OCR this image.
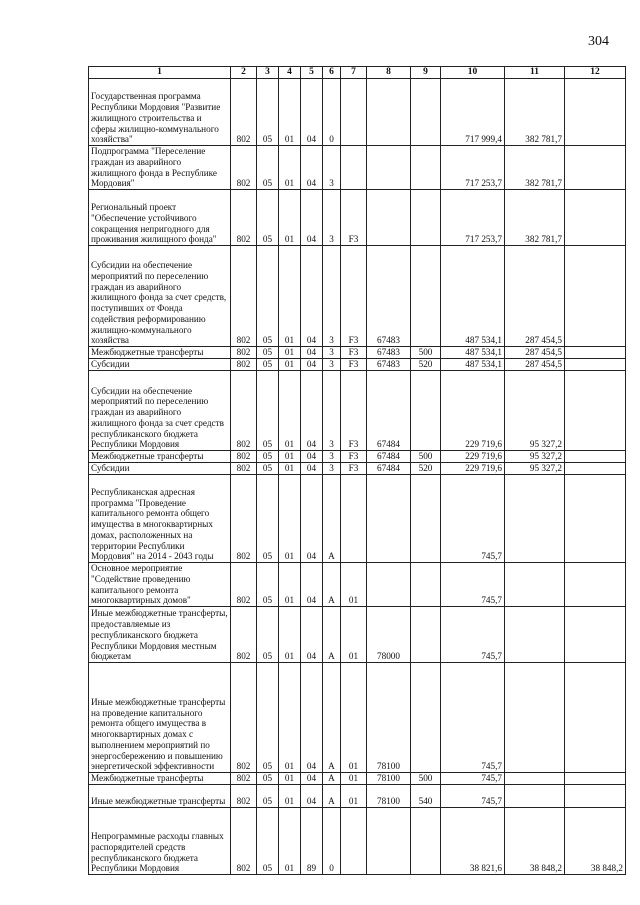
304
1	2	3	4	5	6	7	8	9	10	11	12
Государственная программа Республики Мордовия "Развитие жилищного строительства и сферы жилищно-коммунального хозяйства"	802	05	01	04	0				717 999,4	382 781,7	
Подпрограмма "Переселение граждан из аварийного жилищного фонда в Республике Мордовия"	802	05	01	04	3				717 253,7	382 781,7	
Региональный проект "Обеспечение устойчивого сокращения непригодного для проживания жилищного фонда"	802	05	01	04	3	F3			717 253,7	382 781,7	
Субсидии на обеспечение мероприятий по переселению граждан из аварийного жилищного фонда за счет средств, поступивших от Фонда содействия реформированию жилищно-коммунального хозяйства	802	05	01	04	3	F3	67483		487 534,1	287 454,5	
Межбюджетные трансферты	802	05	01	04	3	F3	67483	500	487 534,1	287 454,5	
Субсидии	802	05	01	04	3	F3	67483	520	487 534,1	287 454,5	
Субсидии на обеспечение мероприятий по переселению граждан из аварийного жилищного фонда за счет средств республиканского бюджета Республики Мордовия	802	05	01	04	3	F3	67484		229 719,6	95 327,2	
Межбюджетные трансферты	802	05	01	04	3	F3	67484	500	229 719,6	95 327,2	
Субсидии	802	05	01	04	3	F3	67484	520	229 719,6	95 327,2	
Республиканская адресная программа "Проведение капитального ремонта общего имущества в многоквартирных домах, расположенных на территории Республики Мордовия" на 2014 - 2043 годы	802	05	01	04	А				745,7		
Основное мероприятие "Содействие проведению капитального ремонта многоквартирных домов"	802	05	01	04	А	01			745,7		
Иные межбюджетные трансферты, предоставляемые из республиканского бюджета Республики Мордовия местным бюджетам	802	05	01	04	А	01	78000		745,7		
Иные межбюджетные трансферты на проведение капитального ремонта общего имущества в многоквартирных домах с выполнением мероприятий по энергосбережению и повышению энергетической эффективности	802	05	01	04	А	01	78100		745,7		
Межбюджетные трансферты	802	05	01	04	А	01	78100	500	745,7		
Иные межбюджетные трансферты	802	05	01	04	А	01	78100	540	745,7		
Непрограммные расходы главных распорядителей средств республиканского бюджета Республики Мордовия	802	05	01	89	0				38 821,6	38 848,2	38 848,2
